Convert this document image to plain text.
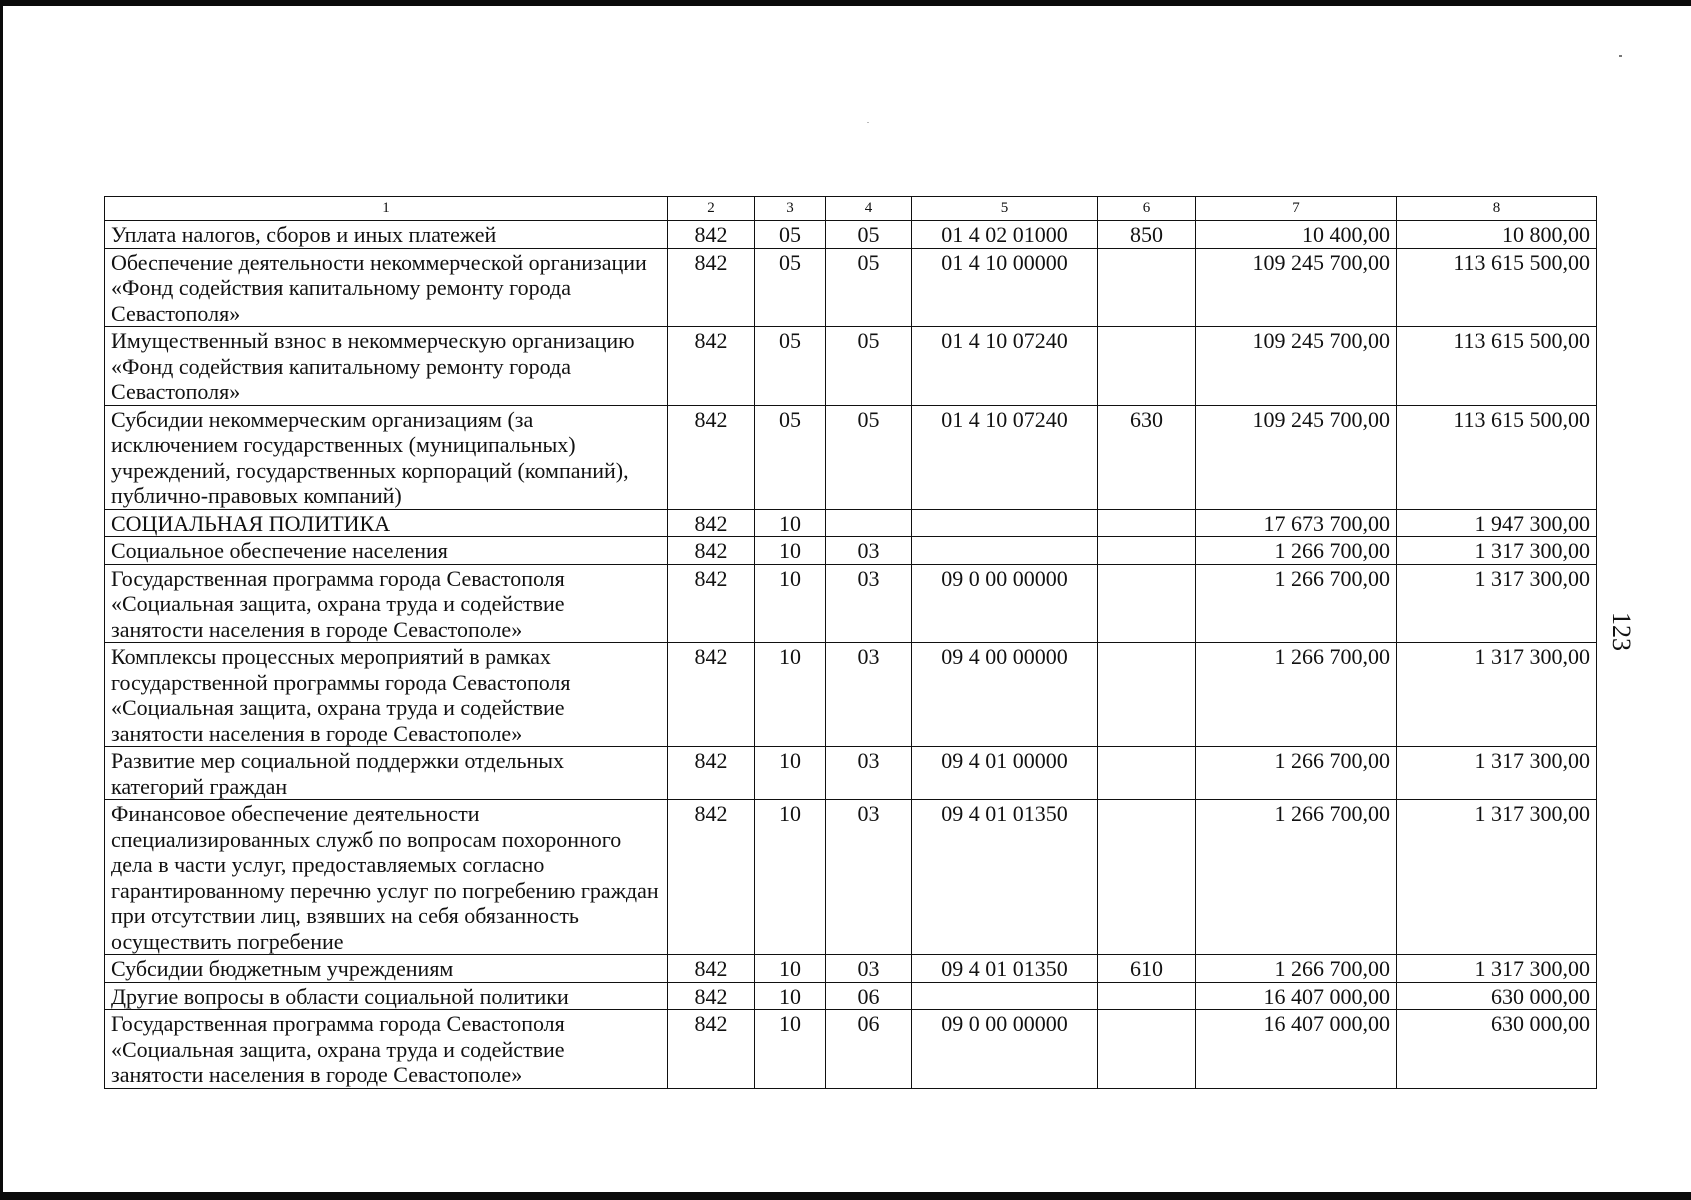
1	2	3	4	5	6	7	8
Уплата налогов, сборов и иных платежей	842	05	05	01 4 02 01000	850	10 400,00	10 800,00
Обеспечение деятельности некоммерческой организации «Фонд содействия капитальному ремонту города Севастополя»	842	05	05	01 4 10 00000		109 245 700,00	113 615 500,00
Имущественный взнос в некоммерческую организацию «Фонд содействия капитальному ремонту города Севастополя»	842	05	05	01 4 10 07240		109 245 700,00	113 615 500,00
Субсидии некоммерческим организациям (за исключением государственных (муниципальных) учреждений, государственных корпораций (компаний), публично-правовых компаний)	842	05	05	01 4 10 07240	630	109 245 700,00	113 615 500,00
СОЦИАЛЬНАЯ ПОЛИТИКА	842	10				17 673 700,00	1 947 300,00
Социальное обеспечение населения	842	10	03			1 266 700,00	1 317 300,00
Государственная программа города Севастополя «Социальная защита, охрана труда и содействие занятости населения в городе Севастополе»	842	10	03	09 0 00 00000		1 266 700,00	1 317 300,00
Комплексы процессных мероприятий в рамках государственной программы города Севастополя «Социальная защита, охрана труда и содействие занятости населения в городе Севастополе»	842	10	03	09 4 00 00000		1 266 700,00	1 317 300,00
Развитие мер социальной поддержки отдельных категорий граждан	842	10	03	09 4 01 00000		1 266 700,00	1 317 300,00
Финансовое обеспечение деятельности специализированных служб по вопросам похоронного дела в части услуг, предоставляемых согласно гарантированному перечню услуг по погребению граждан при отсутствии лиц, взявших на себя обязанность осуществить погребение	842	10	03	09 4 01 01350		1 266 700,00	1 317 300,00
Субсидии бюджетным учреждениям	842	10	03	09 4 01 01350	610	1 266 700,00	1 317 300,00
Другие вопросы в области социальной политики	842	10	06			16 407 000,00	630 000,00
Государственная программа города Севастополя «Социальная защита, охрана труда и содействие занятости населения в городе Севастополе»	842	10	06	09 0 00 00000		16 407 000,00	630 000,00
123
